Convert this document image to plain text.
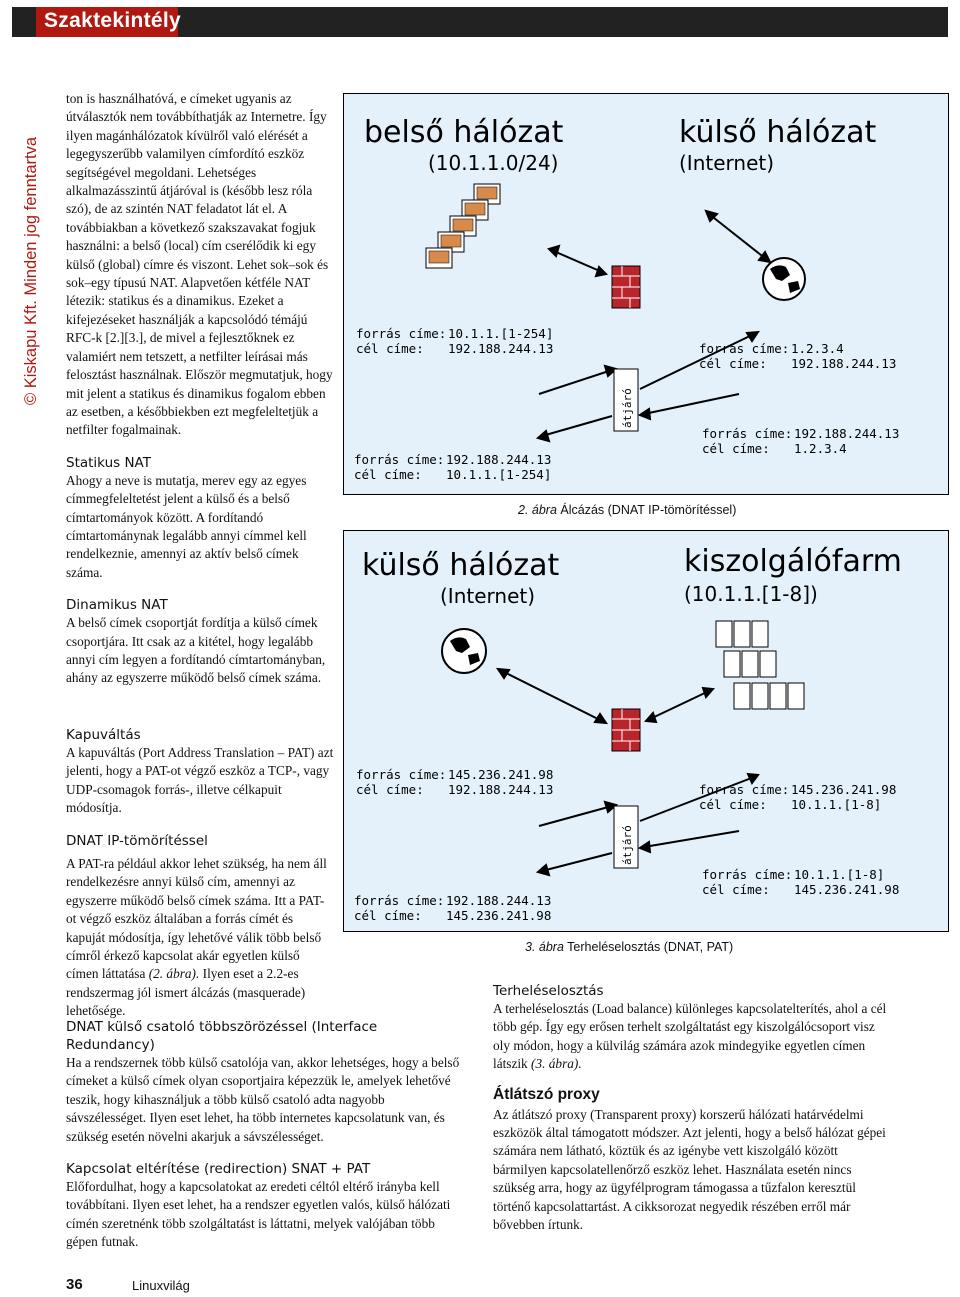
Szaktekintély
© Kiskapu Kft. Minden jog fenntartva

ton is használhatóvá, e címeket ugyanis az útválasztók nem továbbíthatják az Internetre. Így ilyen magánhálózatok kívülről való elérését a legegyszerűbb valamilyen címfordító eszköz segítségével megoldani. Lehetséges alkalmazásszintű átjáróval is (később lesz róla szó), de az szintén NAT feladatot lát el. A továbbiakban a következő szakszavakat fogjuk használni: a belső (local) cím cserélődik ki egy külső (global) címre és viszont. Lehet sok–sok és sok–egy típusú NAT. Alapvetően kétféle NAT létezik: statikus és a dinamikus. Ezeket a kifejezéseket használják a kapcsolódó témájú RFC-k [2.][3.], de mivel a fejlesztőknek ez valamiért nem tetszett, a netfilter leírásai más felosztást használnak. Először megmutatjuk, hogy mit jelent a statikus és dinamikus fogalom ebben az esetben, a későbbiekben ezt megfeleltetjük a netfilter fogalmainak.

Statikus NAT

Ahogy a neve is mutatja, merev egy az egyes címmegfeleltetést jelent a külső és a belső címtartományok között. A fordítandó címtartománynak legalább annyi címmel kell rendelkeznie, amennyi az aktív belső címek száma.

Dinamikus NAT

A belső címek csoportját fordítja a külső címek csoportjára. Itt csak az a kitétel, hogy legalább annyi cím legyen a fordítandó címtartományban, ahány az egyszerre működő belső címek száma.

Kapuváltás

A kapuváltás (Port Address Translation – PAT) azt jelenti, hogy a PAT-ot végző eszköz a TCP-, vagy UDP-csomagok forrás-, illetve célkapuit módosítja.

DNAT IP-tömörítéssel

A PAT-ra például akkor lehet szükség, ha nem áll rendelkezésre annyi külső cím, amennyi az egyszerre működő belső címek száma. Itt a PAT-ot végző eszköz általában a forrás címét és kapuját módosítja, így lehetővé válik több belső címről érkező kapcsolat akár egyetlen külső címen láttatása (2. ábra). Ilyen eset a 2.2-es rendszermag jól ismert álcázás (masquerade) lehetősége.

DNAT külső csatoló többszörözéssel (Interface Redundancy)

Ha a rendszernek több külső csatolója van, akkor lehetséges, hogy a belső címeket a külső címek olyan csoportjaira képezzük le, amelyek lehetővé teszik, hogy kihasználjuk a több külső csatoló adta nagyobb sávszélességet. Ilyen eset lehet, ha több internetes kapcsolatunk van, és szükség esetén növelni akarjuk a sávszélességet.

Kapcsolat eltérítése (redirection) SNAT + PAT

Előfordulhat, hogy a kapcsolatokat az eredeti céltól eltérő irányba kell továbbítani. Ilyen eset lehet, ha a rendszer egyetlen valós, külső hálózati címén szeretnénk több szolgáltatást is láttatni, melyek valójában több gépen futnak.

Terheléselosztás

A terheléselosztás (Load balance) különleges kapcsolatelterítés, ahol a cél több gép. Így egy erősen terhelt szolgáltatást egy kiszolgálócsoport visz oly módon, hogy a külvilág számára azok mindegyike egyetlen címen látszik (3. ábra).

Átlátszó proxy

Az átlátszó proxy (Transparent proxy) korszerű hálózati határvédelmi eszközök által támogatott módszer. Azt jelenti, hogy a belső hálózat gépei számára nem látható, köztük és az igénybe vett kiszolgáló között bármilyen kapcsolatellenőrző eszköz lehet. Használata esetén nincs szükség arra, hogy az ügyfélprogram támogassa a tűzfalon keresztül történő kapcsolattartást. A cikksorozat negyedik részében erről már bővebben írtunk.

belső hálózat
(10.1.1.0/24)
külső hálózat
(Internet)
átjáró
forrás címe: 10.1.1.[1-254]
cél címe: 192.188.244.13	forrás címe: 1.2.3.4
cél címe: 192.188.244.13
forrás címe: 192.188.244.13
cél címe: 1.2.3.4
forrás címe: 192.188.244.13
cél címe: 10.1.1.[1-254]
2. ábra Álcázás (DNAT IP-tömörítéssel)
külső hálózat
(Internet)
kiszolgálófarm
(10.1.1.[1-8])
átjáró
forrás címe: 145.236.241.98
cél címe: 192.188.244.13	forrás címe: 145.236.241.98
cél címe: 10.1.1.[1-8]
forrás címe: 10.1.1.[1-8]
cél címe: 145.236.241.98
forrás címe: 192.188.244.13
cél címe: 145.236.241.98
3. ábra Terheléselosztás (DNAT, PAT)
36	Linuxvilág
